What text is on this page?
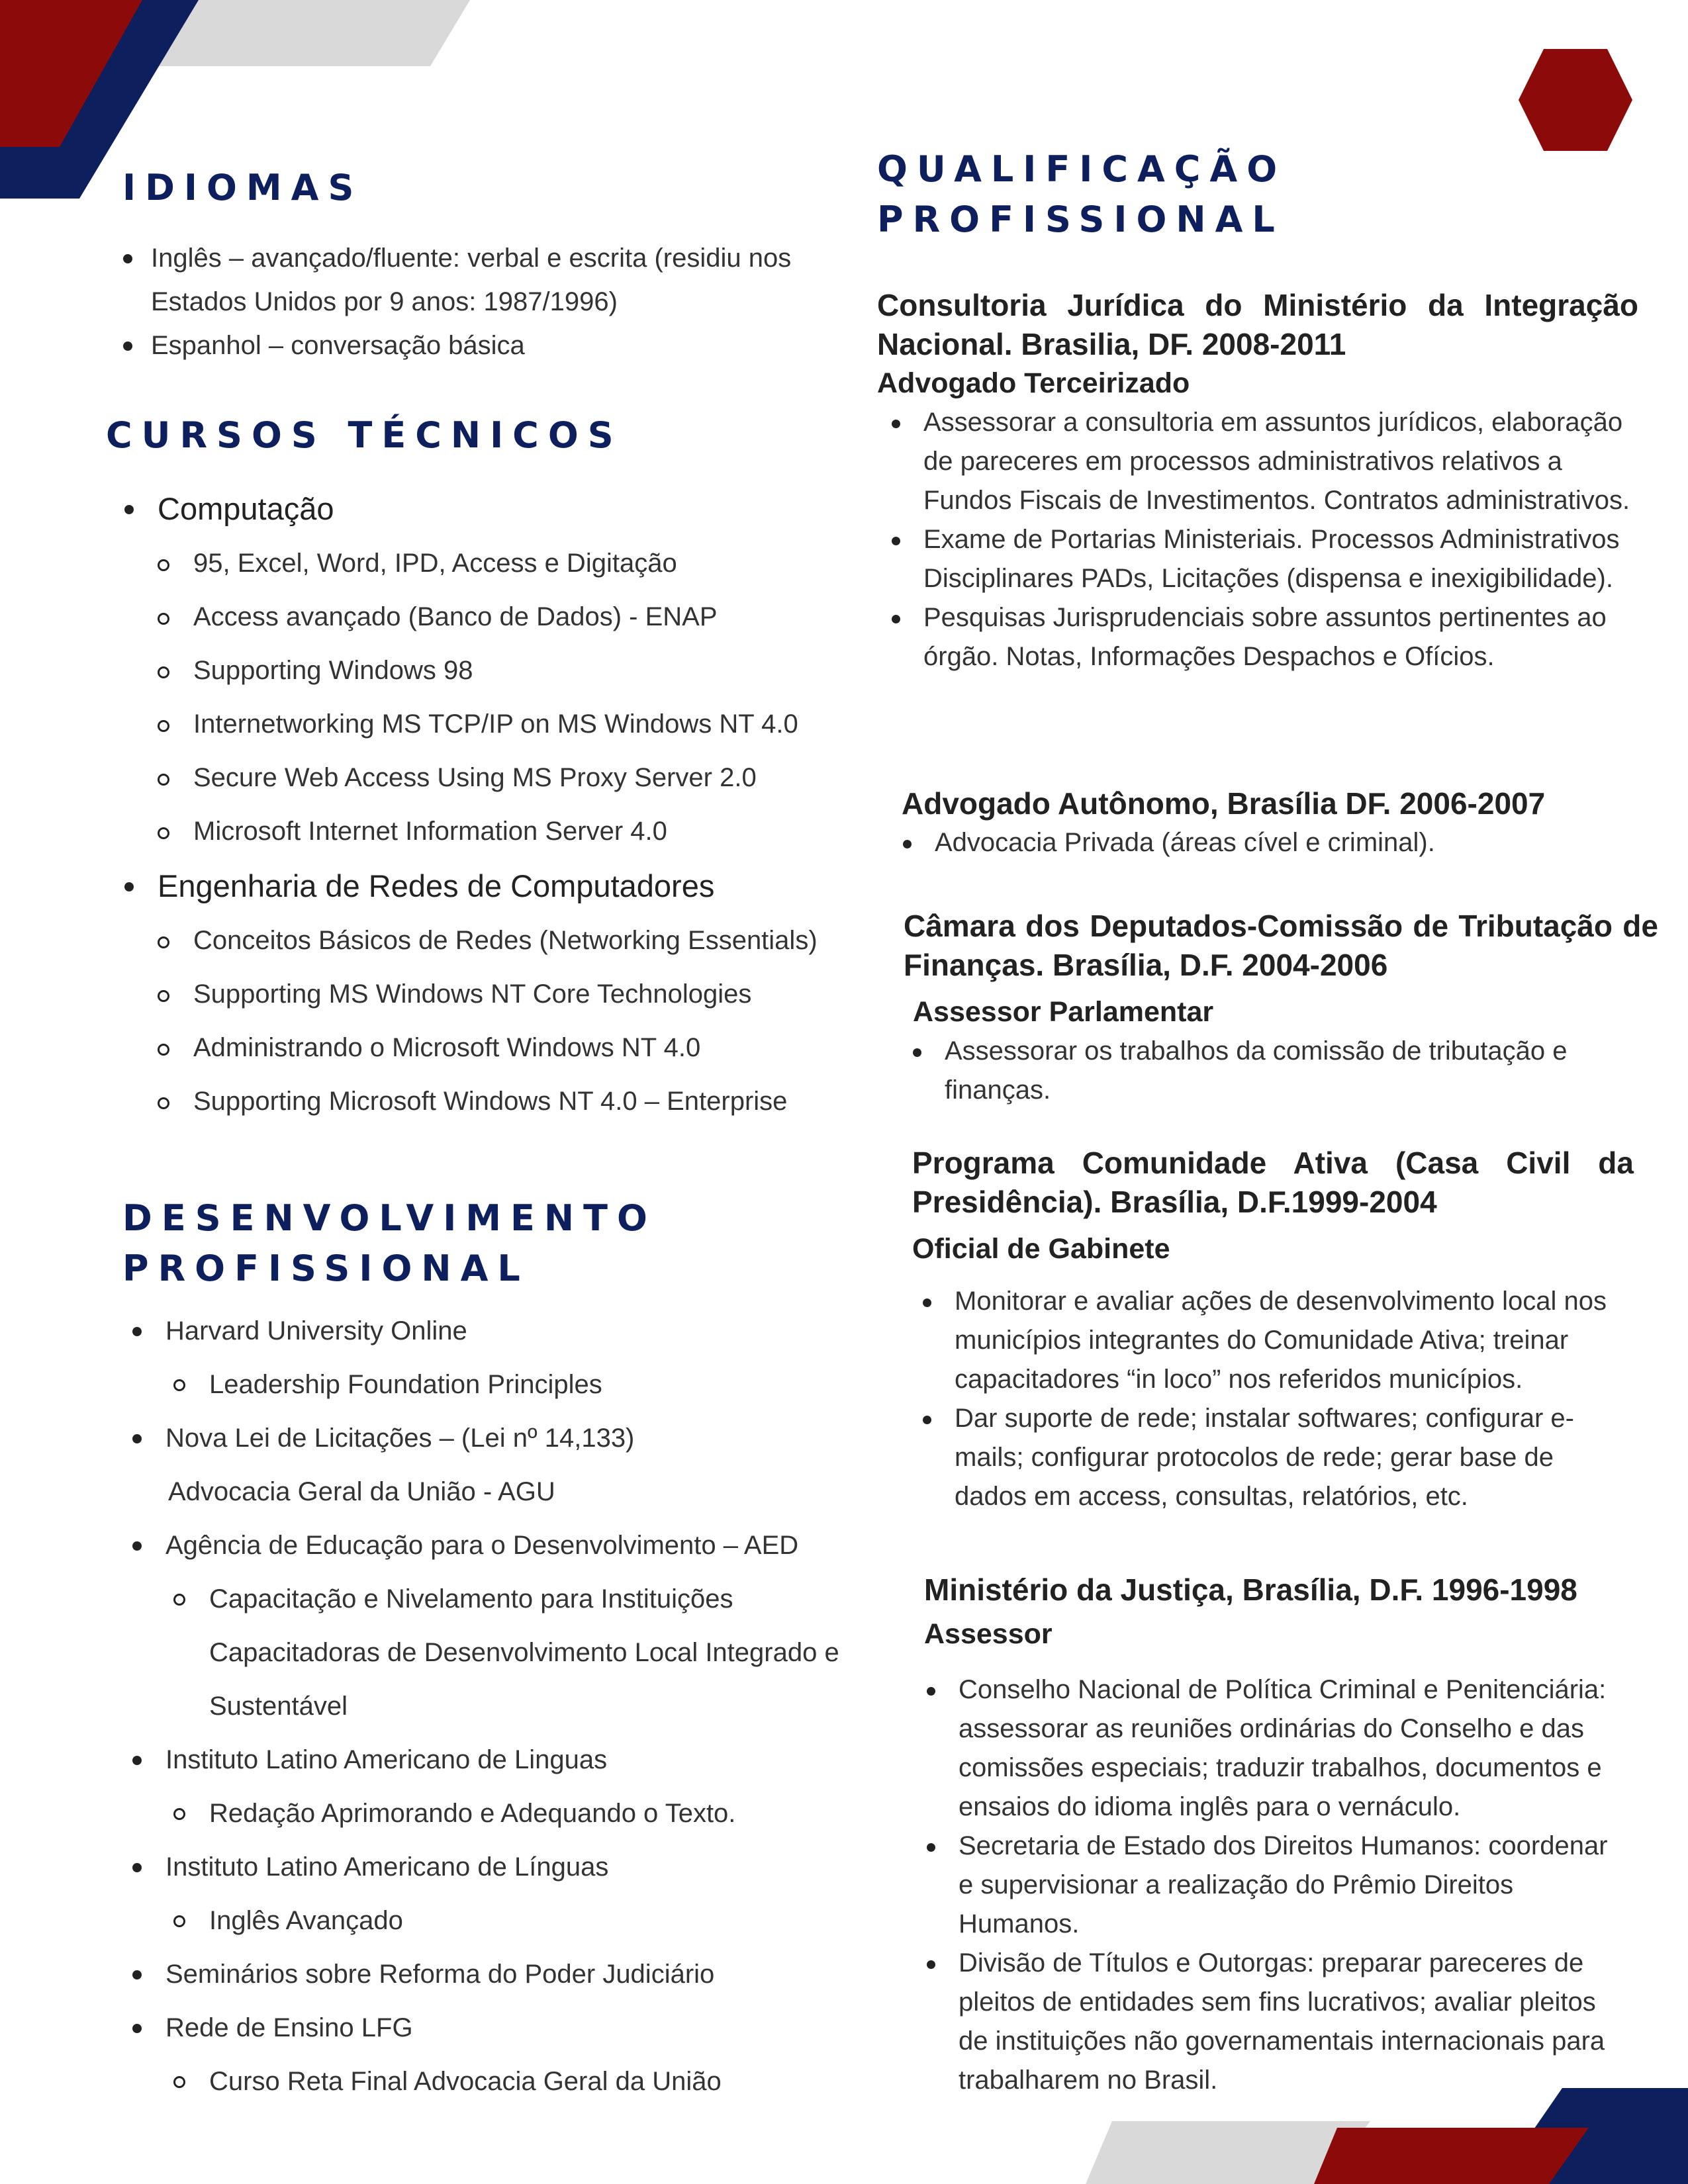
IDIOMAS
Inglês – avançado/fluente: verbal e escrita (residiu nos Estados Unidos por 9 anos: 1987/1996)
Espanhol – conversação básica
CURSOS TÉCNICOS
Computação
95, Excel, Word, IPD, Access e Digitação
Access avançado (Banco de Dados) - ENAP
Supporting Windows 98
Internetworking MS TCP/IP on MS Windows NT 4.0
Secure Web Access Using MS Proxy Server 2.0
Microsoft Internet Information Server 4.0
Engenharia de Redes de Computadores
Conceitos Básicos de Redes (Networking Essentials)
Supporting MS Windows NT Core Technologies
Administrando o Microsoft Windows NT 4.0
Supporting Microsoft Windows NT 4.0 – Enterprise
DESENVOLVIMENTO
PROFISSIONAL
Harvard University Online
Leadership Foundation Principles
Nova Lei de Licitações – (Lei nº 14,133)
Advocacia Geral da União - AGU
Agência de Educação para o Desenvolvimento – AED
Capacitação e Nivelamento para Instituições
Capacitadoras de Desenvolvimento Local Integrado e
Sustentável
Instituto Latino Americano de Linguas
Redação Aprimorando e Adequando o Texto.
Instituto Latino Americano de Línguas
Inglês Avançado
Seminários sobre Reforma do Poder Judiciário
Rede de Ensino LFG
Curso Reta Final Advocacia Geral da União
QUALIFICAÇÃO
PROFISSIONAL

Consultoria Jurídica do Ministério da Integração Nacional. Brasilia, DF. 2008-2011

Advogado Terceirizado

Assessorar a consultoria em assuntos jurídicos, elaboração de pareceres em processos administrativos relativos a Fundos Fiscais de Investimentos. Contratos administrativos.
Exame de Portarias Ministeriais. Processos Administrativos Disciplinares PADs, Licitações (dispensa e inexigibilidade).
Pesquisas Jurisprudenciais sobre assuntos pertinentes ao órgão. Notas, Informações Despachos e Ofícios.

Advogado Autônomo, Brasília DF. 2006-2007

Advocacia Privada (áreas cível e criminal).

Câmara dos Deputados-Comissão de Tributação de Finanças. Brasília, D.F. 2004-2006

Assessor Parlamentar

Assessorar os trabalhos da comissão de tributação e finanças.

Programa Comunidade Ativa (Casa Civil da Presidência). Brasília, D.F.1999-2004

Oficial de Gabinete

Monitorar e avaliar ações de desenvolvimento local nos municípios integrantes do Comunidade Ativa; treinar capacitadores “in loco” nos referidos municípios.
Dar suporte de rede; instalar softwares; configurar e-mails; configurar protocolos de rede; gerar base de dados em access, consultas, relatórios, etc.

Ministério da Justiça, Brasília, D.F. 1996-1998

Assessor

Conselho Nacional de Política Criminal e Penitenciária: assessorar as reuniões ordinárias do Conselho e das comissões especiais; traduzir trabalhos, documentos e ensaios do idioma inglês para o vernáculo.
Secretaria de Estado dos Direitos Humanos: coordenar e supervisionar a realização do Prêmio Direitos Humanos.
Divisão de Títulos e Outorgas: preparar pareceres de pleitos de entidades sem fins lucrativos; avaliar pleitos de instituições não governamentais internacionais para trabalharem no Brasil.
